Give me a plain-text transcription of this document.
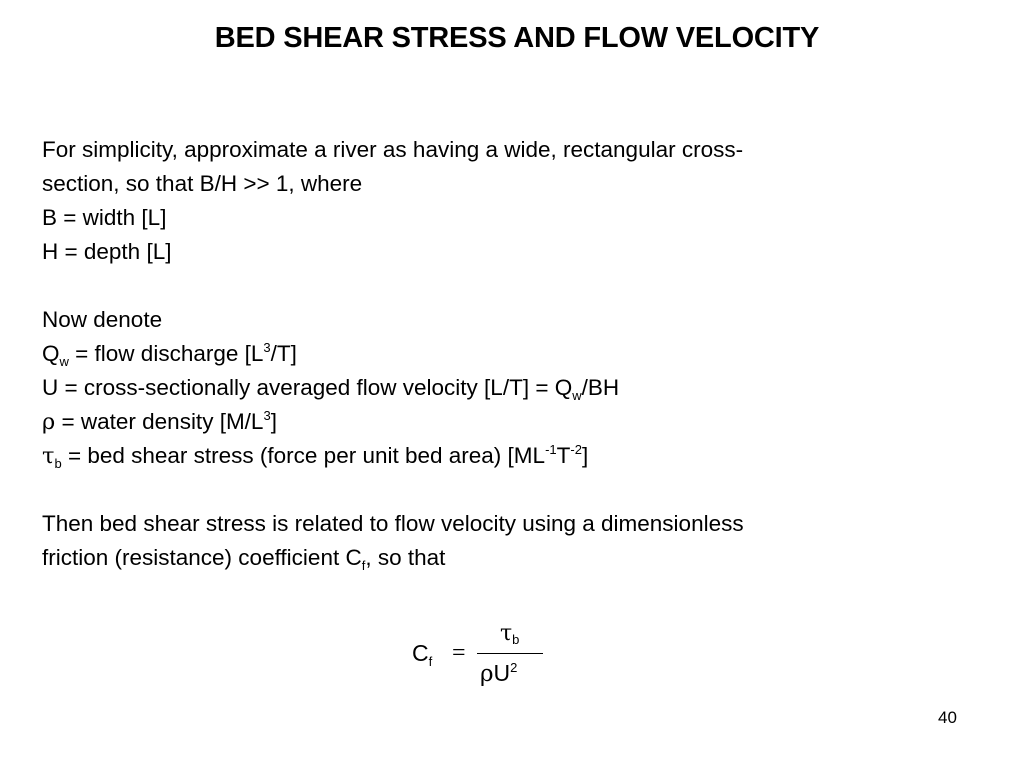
BED SHEAR STRESS AND FLOW VELOCITY
For simplicity, approximate a river as having a wide, rectangular cross-
section, so that B/H >> 1, where
B = width [L]
H = depth [L]
Now denote
$Q_w$ = flow discharge $[L^3/T]$
U = cross-sectionally averaged flow velocity $[L/T] = Q_w/BH$
ρ = water density $[M/L^3]$
$\tau_b$ = bed shear stress (force per unit bed area) $[ML^{-1}T^{-2}]$
Then bed shear stress is related to flow velocity using a dimensionless
friction (resistance) coefficient $C_f$, so that
$C_f$ =
$\tau_b$
$\rho U^2$
40
